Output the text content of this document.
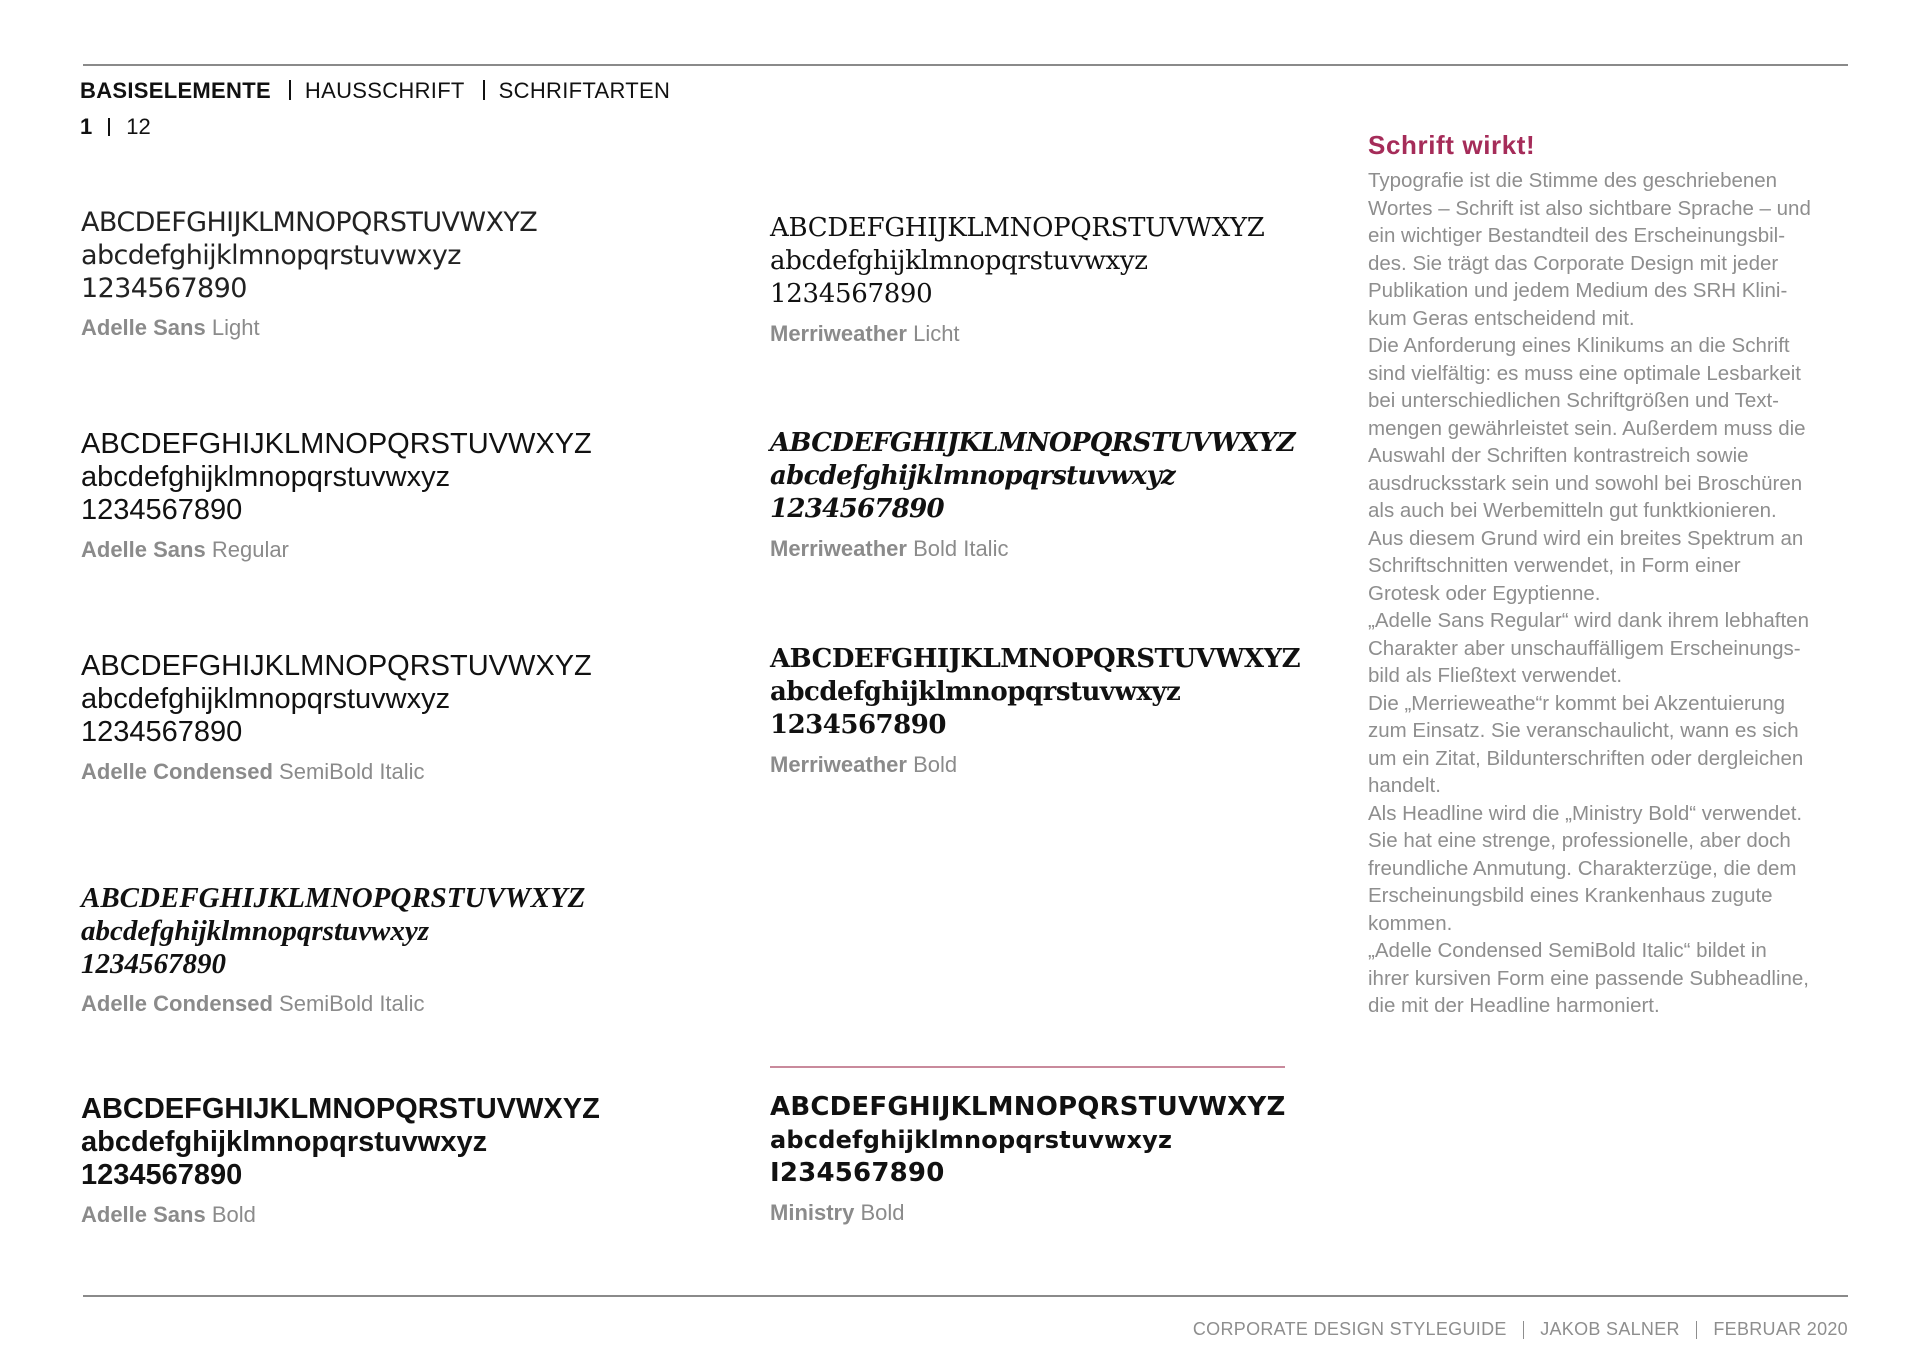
BASISELEMENTE HAUSSCHRIFT SCHRIFTARTEN
1 12
ABCDEFGHIJKLMNOPQRSTUVWXYZ
abcdefghijklmnopqrstuvwxyz
1234567890
Adelle Sans Light
ABCDEFGHIJKLMNOPQRSTUVWXYZ
abcdefghijklmnopqrstuvwxyz
1234567890
Adelle Sans Regular
ABCDEFGHIJKLMNOPQRSTUVWXYZ
abcdefghijklmnopqrstuvwxyz
1234567890
Adelle Condensed SemiBold Italic
ABCDEFGHIJKLMNOPQRSTUVWXYZ
abcdefghijklmnopqrstuvwxyz
1234567890
Adelle Condensed SemiBold Italic
ABCDEFGHIJKLMNOPQRSTUVWXYZ
abcdefghijklmnopqrstuvwxyz
1234567890
Adelle Sans Bold
ABCDEFGHIJKLMNOPQRSTUVWXYZ
abcdefghijklmnopqrstuvwxyz
1234567890
Merriweather Licht
ABCDEFGHIJKLMNOPQRSTUVWXYZ
abcdefghijklmnopqrstuvwxyz
1234567890
Merriweather Bold Italic
ABCDEFGHIJKLMNOPQRSTUVWXYZ
abcdefghijklmnopqrstuvwxyz
1234567890
Merriweather Bold
ABCDEFGHIJKLMNOPQRSTUVWXYZ
abcdefghijklmnopqrstuvwxyz
I234567890
Ministry Bold
Schrift wirkt!

Typografie ist die Stimme des geschriebenen
Wortes – Schrift ist also sichtbare Sprache – und
ein wichtiger Bestandteil des Erscheinungsbil-
des. Sie trägt das Corporate Design mit jeder
Publikation und jedem Medium des SRH Klini-
kum Geras entscheidend mit.
Die Anforderung eines Klinikums an die Schrift
sind vielfältig: es muss eine optimale Lesbarkeit
bei unterschiedlichen Schriftgrößen und Text-
mengen gewährleistet sein. Außerdem muss die
Auswahl der Schriften kontrastreich sowie
ausdrucksstark sein und sowohl bei Broschüren
als auch bei Werbemitteln gut funktkionieren.
Aus diesem Grund wird ein breites Spektrum an
Schriftschnitten verwendet, in Form einer
Grotesk oder Egyptienne.
„Adelle Sans Regular“ wird dank ihrem lebhaften
Charakter aber unschauffälligem Erscheinungs-
bild als Fließtext verwendet.
Die „Merrieweathe“r kommt bei Akzentuierung
zum Einsatz. Sie veranschaulicht, wann es sich
um ein Zitat, Bildunterschriften oder dergleichen
handelt.
Als Headline wird die „Ministry Bold“ verwendet.
Sie hat eine strenge, professionelle, aber doch
freundliche Anmutung. Charakterzüge, die dem
Erscheinungsbild eines Krankenhaus zugute
kommen.
„Adelle Condensed SemiBold Italic“ bildet in
ihrer kursiven Form eine passende Subheadline,
die mit der Headline harmoniert.

CORPORATE DESIGN STYLEGUIDE JAKOB SALNER FEBRUAR 2020
